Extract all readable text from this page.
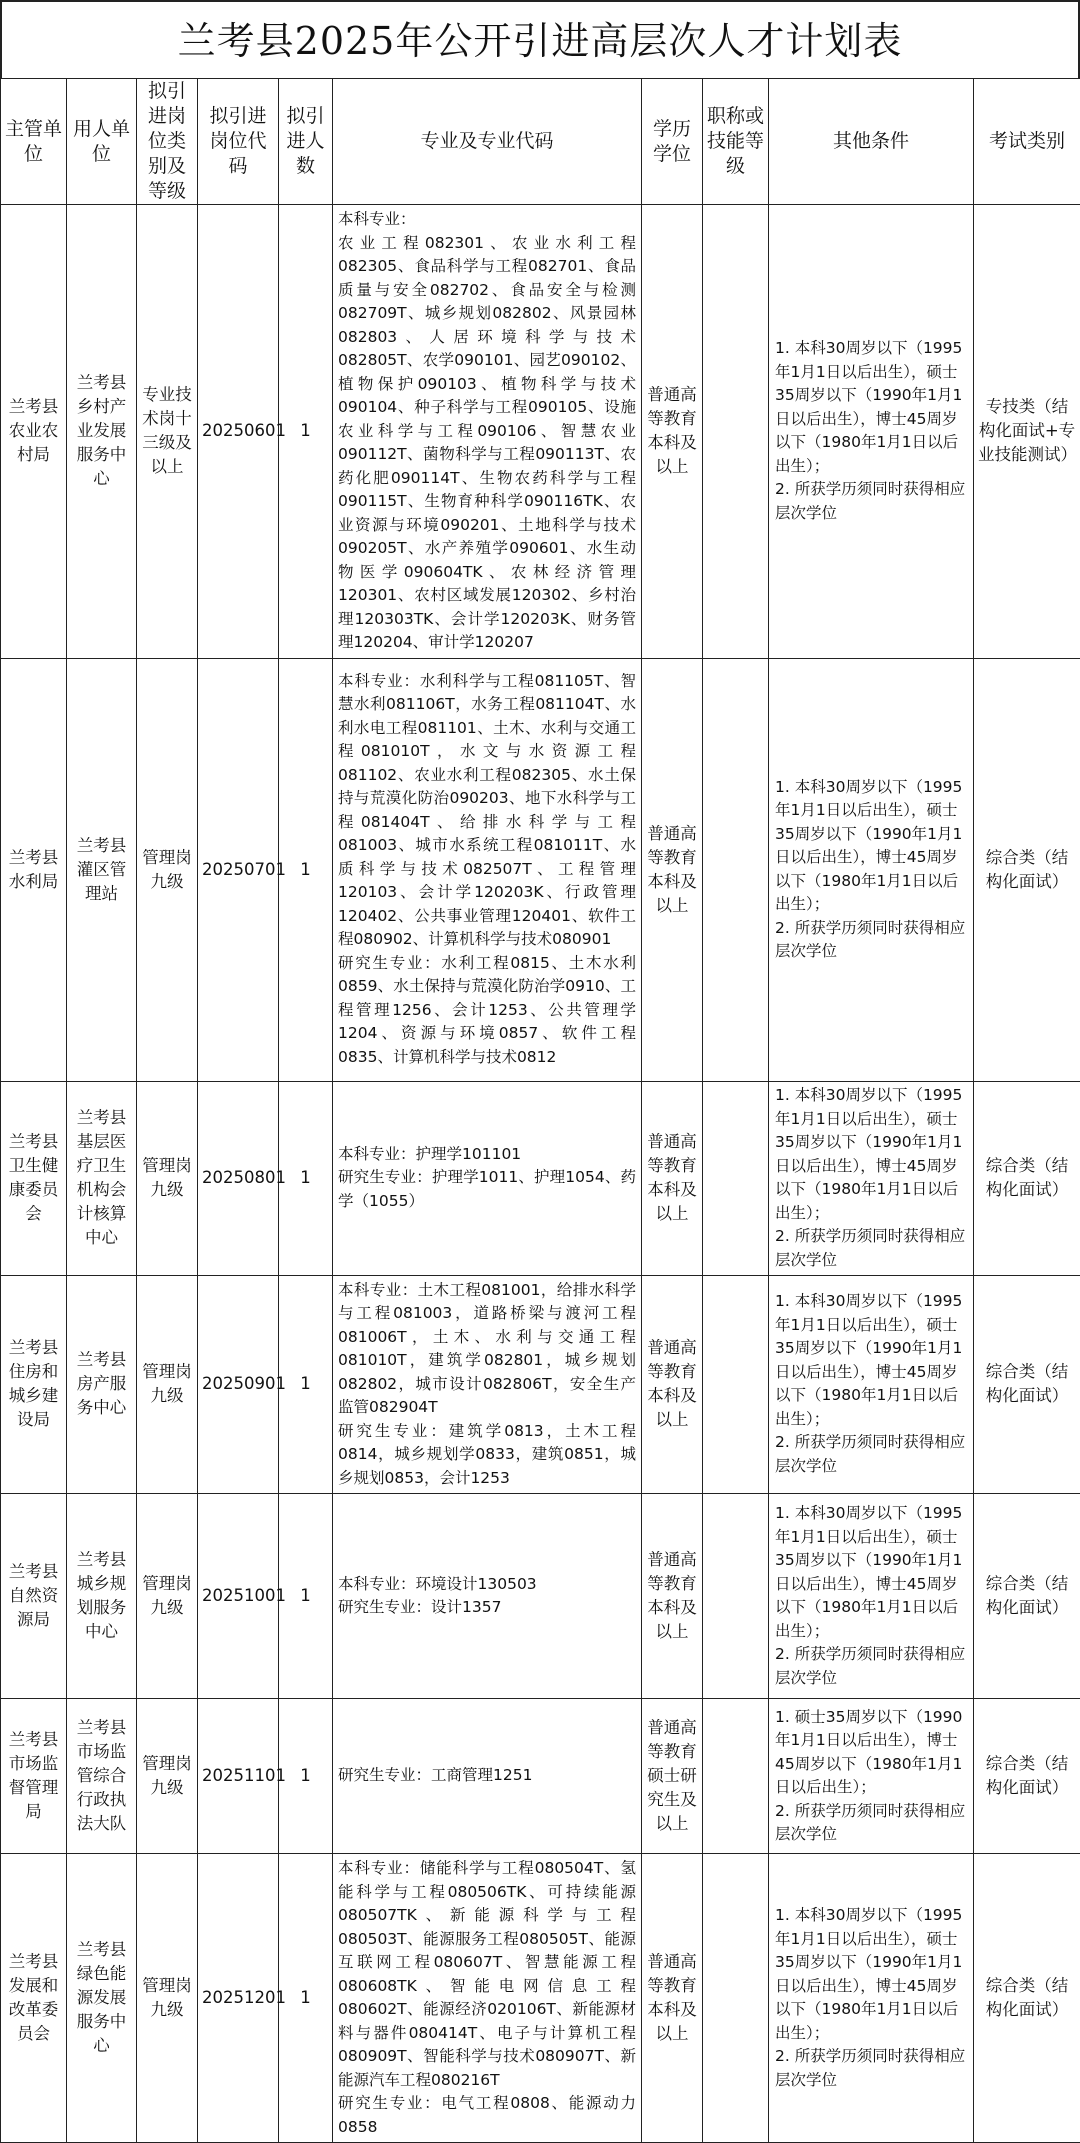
兰考县2025年公开引进高层次人才计划表
主管单位	用人单位	拟引进岗位类别及等级	拟引进岗位代码	拟引进人数	专业及专业代码	学历学位	职称或技能等级	其他条件	考试类别
兰考县农业农村局	兰考县乡村产业发展服务中心	专业技术岗十三级及以上	20250601	1	本科专业：
农业工程082301、农业水利工程082305、食品科学与工程082701、食品质量与安全082702、食品安全与检测082709T、城乡规划082802、风景园林082803、人居环境科学与技术082805T、农学090101、园艺090102、植物保护090103、植物科学与技术090104、种子科学与工程090105、设施农业科学与工程090106、智慧农业090112T、菌物科学与工程090113T、农药化肥090114T、生物农药科学与工程090115T、生物育种科学090116TK、农业资源与环境090201、土地科学与技术090205T、水产养殖学090601、水生动物医学090604TK、农林经济管理120301、农村区域发展120302、乡村治理120303TK、会计学120203K、财务管理120204、审计学120207	普通高等教育本科及以上		1. 本科30周岁以下（1995年1月1日以后出生），硕士35周岁以下（1990年1月1日以后出生），博士45周岁以下（1980年1月1日以后出生）；
2. 所获学历须同时获得相应层次学位	专技类（结构化面试+专业技能测试）
兰考县水利局	兰考县灌区管理站	管理岗九级	20250701	1	本科专业：水利科学与工程081105T、智慧水利081106T，水务工程081104T、水利水电工程081101、土木、水利与交通工程081010T，水文与水资源工程081102、农业水利工程082305、水土保持与荒漠化防治090203、地下水科学与工程081404T、给排水科学与工程081003、城市水系统工程081011T、水质科学与技术082507T、工程管理120103、会计学120203K、行政管理120402、公共事业管理120401、软件工程080902、计算机科学与技术080901
研究生专业：水利工程0815、土木水利0859、水土保持与荒漠化防治学0910、工程管理1256、会计1253、公共管理学1204、资源与环境0857、软件工程0835、计算机科学与技术0812	普通高等教育本科及以上		1. 本科30周岁以下（1995年1月1日以后出生），硕士35周岁以下（1990年1月1日以后出生），博士45周岁以下（1980年1月1日以后出生）；
2. 所获学历须同时获得相应层次学位	综合类（结构化面试）
兰考县卫生健康委员会	兰考县基层医疗卫生机构会计核算中心	管理岗九级	20250801	1	本科专业：护理学101101
研究生专业：护理学1011、护理1054、药学（1055）	普通高等教育本科及以上		1. 本科30周岁以下（1995年1月1日以后出生），硕士35周岁以下（1990年1月1日以后出生），博士45周岁以下（1980年1月1日以后出生）；
2. 所获学历须同时获得相应层次学位	综合类（结构化面试）
兰考县住房和城乡建设局	兰考县房产服务中心	管理岗九级	20250901	1	本科专业：土木工程081001，给排水科学与工程081003，道路桥梁与渡河工程081006T，土木、水利与交通工程081010T，建筑学082801，城乡规划082802，城市设计082806T，安全生产监管082904T
研究生专业：建筑学0813，土木工程0814，城乡规划学0833，建筑0851，城乡规划0853，会计1253	普通高等教育本科及以上		1. 本科30周岁以下（1995年1月1日以后出生），硕士35周岁以下（1990年1月1日以后出生），博士45周岁以下（1980年1月1日以后出生）；
2. 所获学历须同时获得相应层次学位	综合类（结构化面试）
兰考县自然资源局	兰考县城乡规划服务中心	管理岗九级	20251001	1	本科专业：环境设计130503
研究生专业：设计1357	普通高等教育本科及以上		1. 本科30周岁以下（1995年1月1日以后出生），硕士35周岁以下（1990年1月1日以后出生），博士45周岁以下（1980年1月1日以后出生）；
2. 所获学历须同时获得相应层次学位	综合类（结构化面试）
兰考县市场监督管理局	兰考县市场监管综合行政执法大队	管理岗九级	20251101	1	研究生专业：工商管理1251	普通高等教育硕士研究生及以上		1. 硕士35周岁以下（1990年1月1日以后出生），博士45周岁以下（1980年1月1日以后出生）；
2. 所获学历须同时获得相应层次学位	综合类（结构化面试）
兰考县发展和改革委员会	兰考县绿色能源发展服务中心	管理岗九级	20251201	1	本科专业：储能科学与工程080504T、氢能科学与工程080506TK、可持续能源080507TK、新能源科学与工程080503T、能源服务工程080505T、能源互联网工程080607T、智慧能源工程080608TK、智能电网信息工程080602T、能源经济020106T、新能源材料与器件080414T、电子与计算机工程080909T、智能科学与技术080907T、新能源汽车工程080216T
研究生专业：电气工程0808、能源动力0858	普通高等教育本科及以上		1. 本科30周岁以下（1995年1月1日以后出生），硕士35周岁以下（1990年1月1日以后出生），博士45周岁以下（1980年1月1日以后出生）；
2. 所获学历须同时获得相应层次学位	综合类（结构化面试）
